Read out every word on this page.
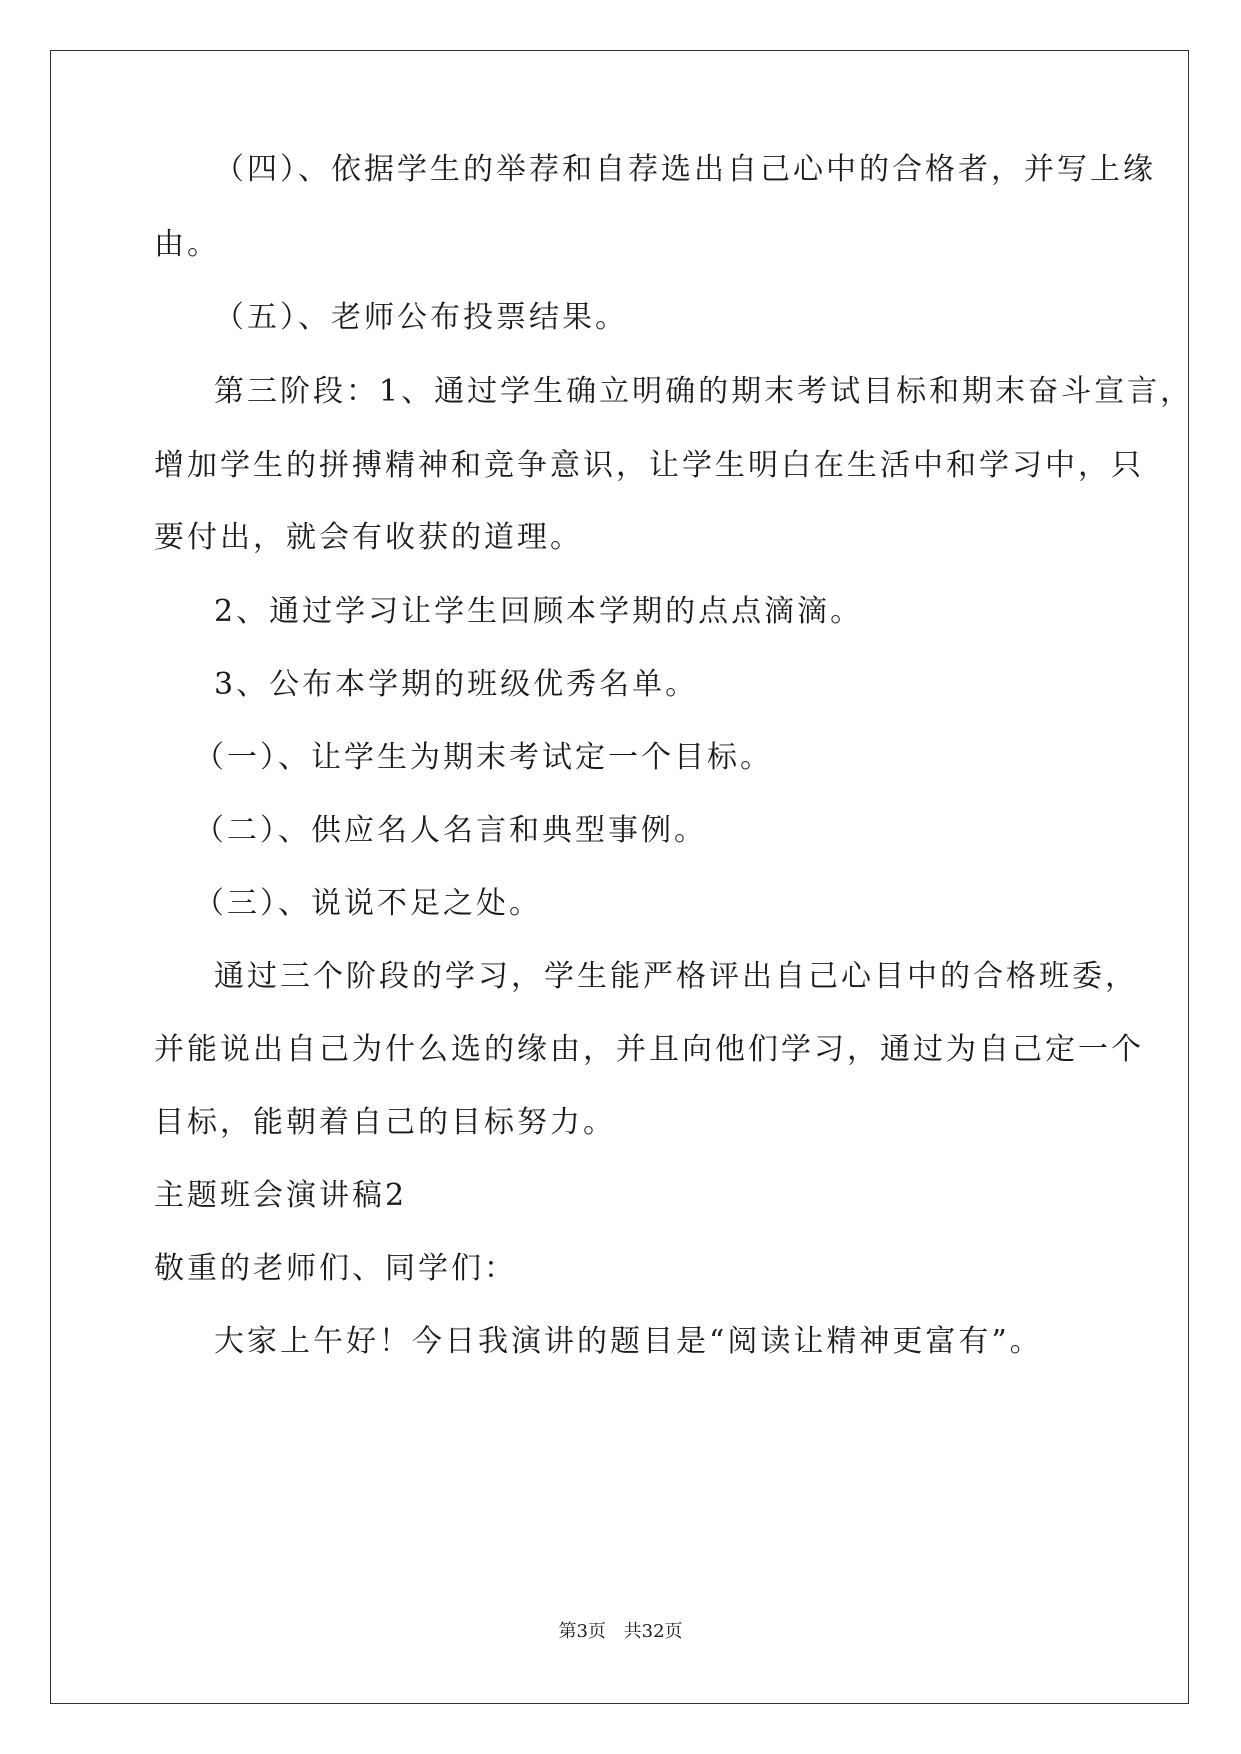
（四）、依据学生的举荐和自荐选出自己心中的合格者，并写上缘
由。
（五）、老师公布投票结果。
第三阶段：1、通过学生确立明确的期末考试目标和期末奋斗宣言，
增加学生的拼搏精神和竞争意识，让学生明白在生活中和学习中，只
要付出，就会有收获的道理。
2、通过学习让学生回顾本学期的点点滴滴。
3、公布本学期的班级优秀名单。
（一）、让学生为期末考试定一个目标。
（二）、供应名人名言和典型事例。
（三）、说说不足之处。
通过三个阶段的学习，学生能严格评出自己心目中的合格班委，
并能说出自己为什么选的缘由，并且向他们学习，通过为自己定一个
目标，能朝着自己的目标努力。
主题班会演讲稿2
敬重的老师们、同学们：
大家上午好！今日我演讲的题目是“阅读让精神更富有”。
第3页 共32页
